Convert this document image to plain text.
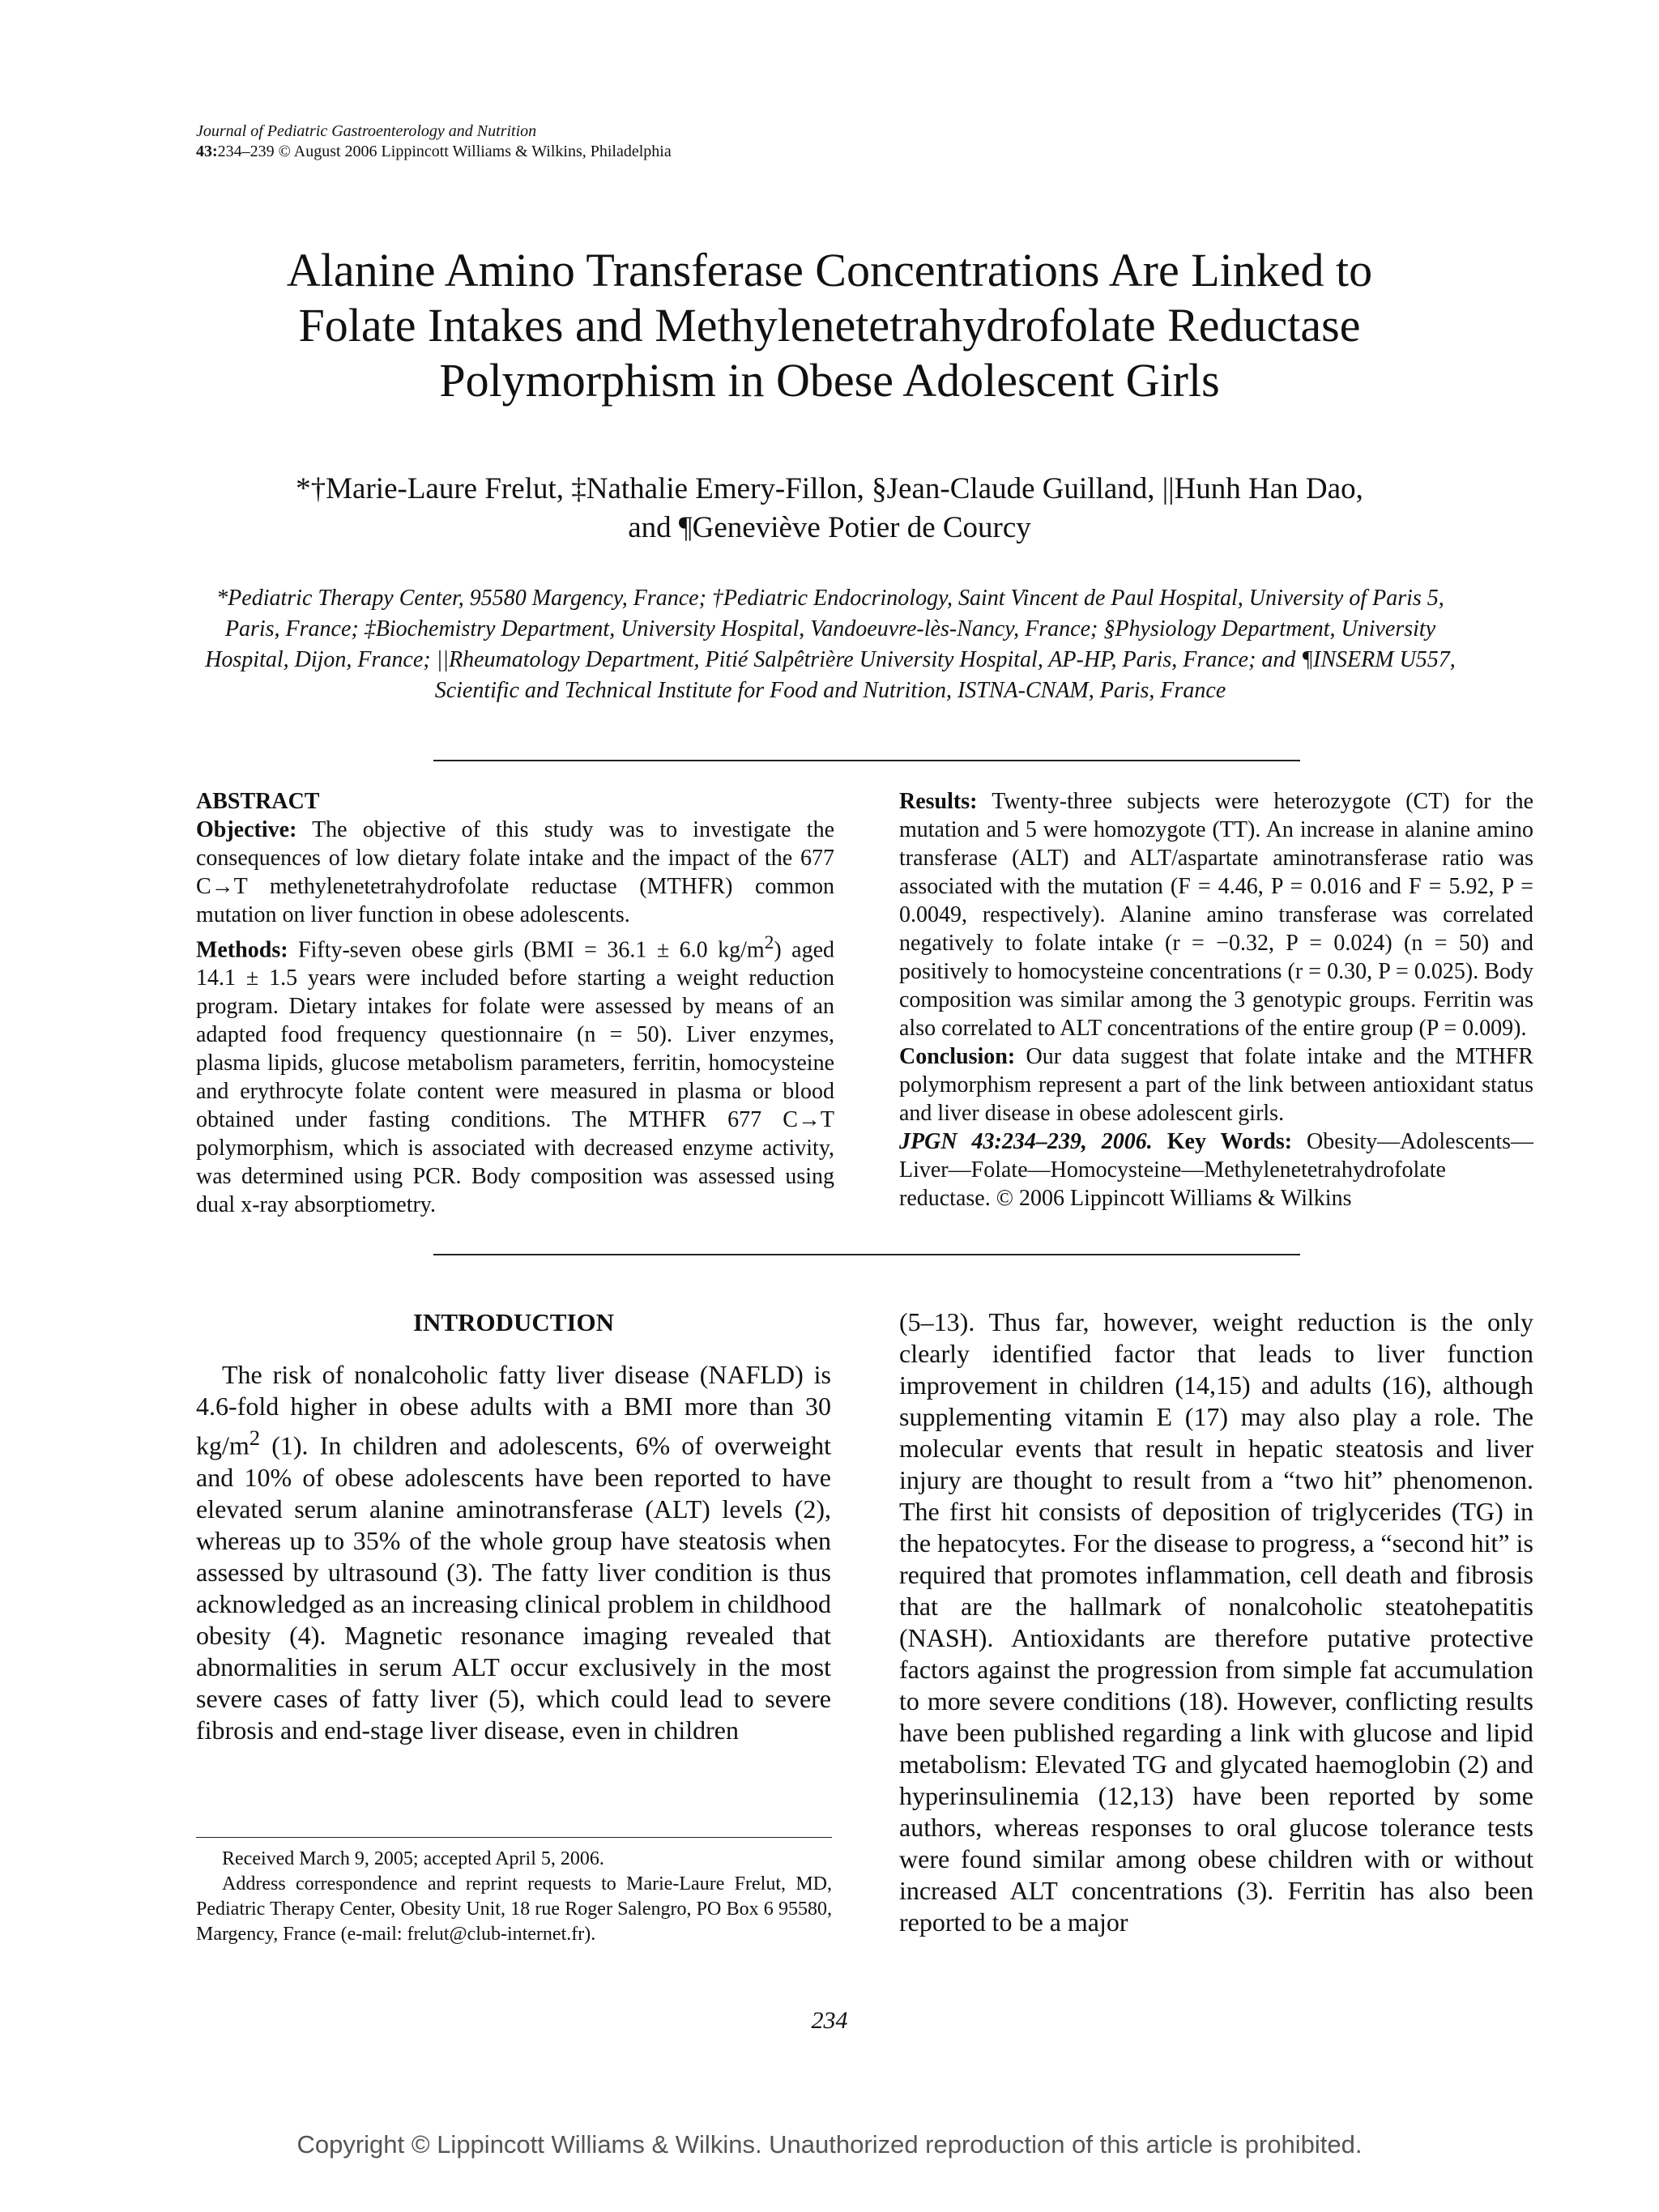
Journal of Pediatric Gastroenterology and Nutrition
43:234–239 © August 2006 Lippincott Williams & Wilkins, Philadelphia
Alanine Amino Transferase Concentrations Are Linked to
Folate Intakes and Methylenetetrahydrofolate Reductase
Polymorphism in Obese Adolescent Girls
*†Marie-Laure Frelut, ‡Nathalie Emery-Fillon, §Jean-Claude Guilland, ||Hunh Han Dao,
and ¶Geneviève Potier de Courcy
*Pediatric Therapy Center, 95580 Margency, France; †Pediatric Endocrinology, Saint Vincent de Paul Hospital, University of Paris 5, Paris, France; ‡Biochemistry Department, University Hospital, Vandoeuvre-lès-Nancy, France; §Physiology Department, University Hospital, Dijon, France; ||Rheumatology Department, Pitié Salpêtrière University Hospital, AP-HP, Paris, France; and ¶INSERM U557, Scientific and Technical Institute for Food and Nutrition, ISTNA-CNAM, Paris, France

ABSTRACT

Objective: The objective of this study was to investigate the consequences of low dietary folate intake and the impact of the 677 C→T methylenetetrahydrofolate reductase (MTHFR) common mutation on liver function in obese adolescents.

Methods: Fifty-seven obese girls (BMI = 36.1 ± 6.0 $kg/m^2$) aged 14.1 ± 1.5 years were included before starting a weight reduction program. Dietary intakes for folate were assessed by means of an adapted food frequency questionnaire (n = 50). Liver enzymes, plasma lipids, glucose metabolism parameters, ferritin, homocysteine and erythrocyte folate content were measured in plasma or blood obtained under fasting conditions. The MTHFR 677 C→T polymorphism, which is associated with decreased enzyme activity, was determined using PCR. Body composition was assessed using dual x-ray absorptiometry.

Results: Twenty-three subjects were heterozygote (CT) for the mutation and 5 were homozygote (TT). An increase in alanine amino transferase (ALT) and ALT/aspartate aminotransferase ratio was associated with the mutation (F = 4.46, P = 0.016 and F = 5.92, P = 0.0049, respectively). Alanine amino transferase was correlated negatively to folate intake (r = −0.32, P = 0.024) (n = 50) and positively to homocysteine concentrations (r = 0.30, P = 0.025). Body composition was similar among the 3 genotypic groups. Ferritin was also correlated to ALT concentrations of the entire group (P = 0.009).

Conclusion: Our data suggest that folate intake and the MTHFR polymorphism represent a part of the link between antioxidant status and liver disease in obese adolescent girls.

JPGN 43:234–239, 2006. Key Words: Obesity—Adolescents—Liver—Folate—Homocysteine—Methylenetetrahydrofolate reductase. © 2006 Lippincott Williams & Wilkins

INTRODUCTION

The risk of nonalcoholic fatty liver disease (NAFLD) is 4.6-fold higher in obese adults with a BMI more than 30 $kg/m^2$ (1). In children and adolescents, 6% of overweight and 10% of obese adolescents have been reported to have elevated serum alanine aminotransferase (ALT) levels (2), whereas up to 35% of the whole group have steatosis when assessed by ultrasound (3). The fatty liver condition is thus acknowledged as an increasing clinical problem in childhood obesity (4). Magnetic resonance imaging revealed that abnormalities in serum ALT occur exclusively in the most severe cases of fatty liver (5), which could lead to severe fibrosis and end-stage liver disease, even in children

(5–13). Thus far, however, weight reduction is the only clearly identified factor that leads to liver function improvement in children (14,15) and adults (16), although supplementing vitamin E (17) may also play a role. The molecular events that result in hepatic steatosis and liver injury are thought to result from a “two hit” phenomenon. The first hit consists of deposition of triglycerides (TG) in the hepatocytes. For the disease to progress, a “second hit” is required that promotes inflammation, cell death and fibrosis that are the hallmark of nonalcoholic steatohepatitis (NASH). Antioxidants are therefore putative protective factors against the progression from simple fat accumulation to more severe conditions (18). However, conflicting results have been published regarding a link with glucose and lipid metabolism: Elevated TG and glycated haemoglobin (2) and hyperinsulinemia (12,13) have been reported by some authors, whereas responses to oral glucose tolerance tests were found similar among obese children with or without increased ALT concentrations (3). Ferritin has also been reported to be a major

Received March 9, 2005; accepted April 5, 2006.

Address correspondence and reprint requests to Marie-Laure Frelut, MD, Pediatric Therapy Center, Obesity Unit, 18 rue Roger Salengro, PO Box 6 95580, Margency, France (e-mail: frelut@club-internet.fr).

234
Copyright © Lippincott Williams & Wilkins. Unauthorized reproduction of this article is prohibited.
